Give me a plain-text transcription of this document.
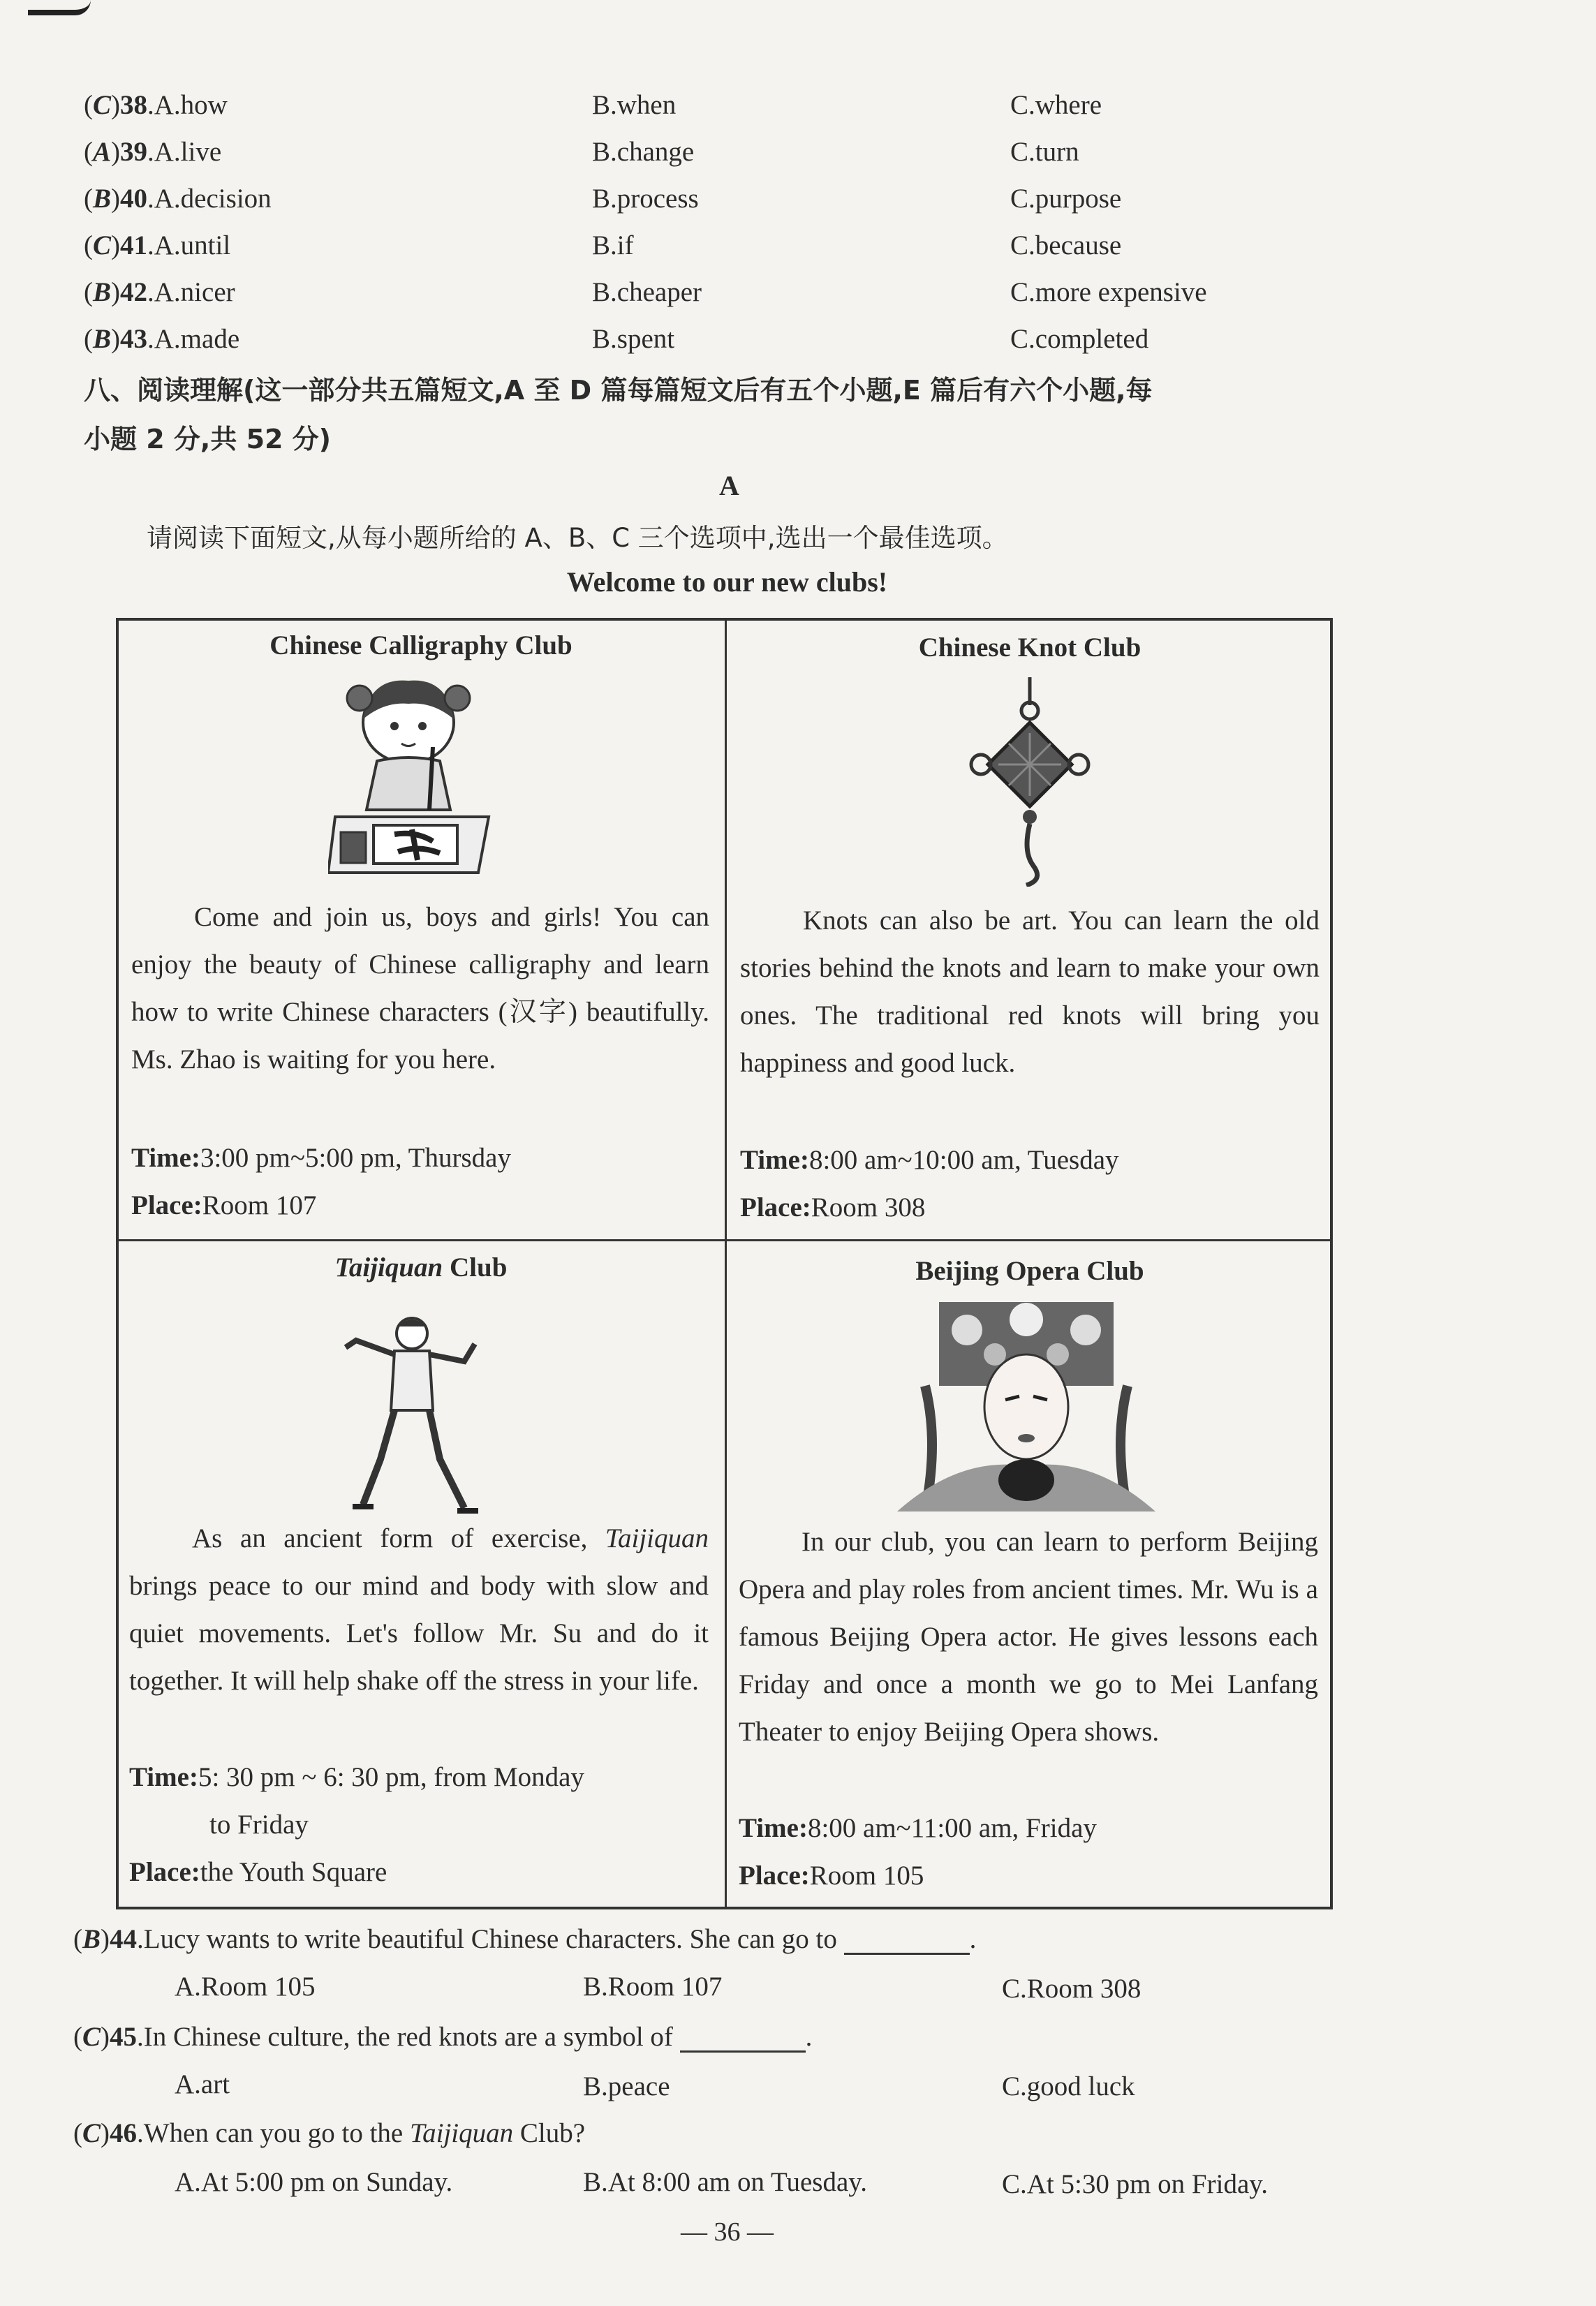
(C)38.A.how	B.when	C.where
(A)39.A.live	B.change	C.turn
(B)40.A.decision	B.process	C.purpose
(C)41.A.until	B.if	C.because
(B)42.A.nicer	B.cheaper	C.more expensive
(B)43.A.made	B.spent	C.completed
八、阅读理解(这一部分共五篇短文,A 至 D 篇每篇短文后有五个小题,E 篇后有六个小题,每
小题 2 分,共 52 分)
A
请阅读下面短文,从每小题所给的 A、B、C 三个选项中,选出一个最佳选项。
Welcome to our new clubs!
Chinese Calligraphy Club

Come and join us, boys and girls! You can enjoy the beauty of Chinese calligraphy and learn how to write Chinese characters (汉字) beautifully. Ms. Zhao is waiting for you here.

Time:3:00 pm~5:00 pm, Thursday
Place:Room 107
Chinese Knot Club

Knots can also be art. You can learn the old stories behind the knots and learn to make your own ones. The traditional red knots will bring you happiness and good luck.

Time:8:00 am~10:00 am, Tuesday
Place:Room 308
Taijiquan Club

As an ancient form of exercise, Taijiquan brings peace to our mind and body with slow and quiet movements. Let's follow Mr. Su and do it together. It will help shake off the stress in your life.

Time:5: 30 pm ~ 6: 30 pm, from Monday
to Friday
Place:the Youth Square
Beijing Opera Club

In our club, you can learn to perform Beijing Opera and play roles from ancient times. Mr. Wu is a famous Beijing Opera actor. He gives lessons each Friday and once a month we go to Mei Lanfang Theater to enjoy Beijing Opera shows.

Time:8:00 am~11:00 am, Friday
Place:Room 105
(B)44.Lucy wants to write beautiful Chinese characters. She can go to	.
A.Room 105	B.Room 107	C.Room 308
(C)45.In Chinese culture, the red knots are a symbol of	.
A.art	B.peace	C.good luck
(C)46.When can you go to the Taijiquan Club?
A.At 5:00 pm on Sunday.	B.At 8:00 am on Tuesday.	C.At 5:30 pm on Friday.
— 36 —
